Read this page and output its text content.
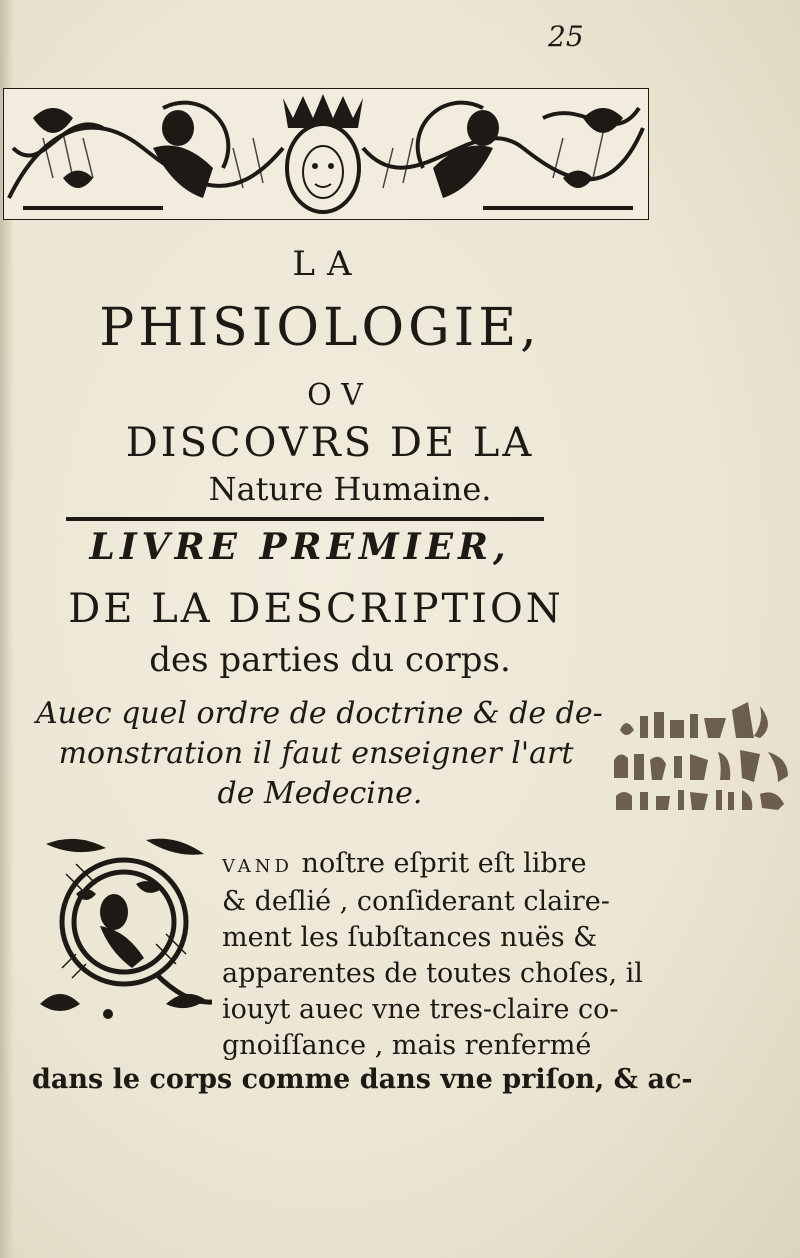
25
LA
PHISIOLOGIE,
OV
DISCOVRS DE LA
Nature Humaine.
LIVRE PREMIER,
DE LA DESCRIPTION
des parties du corps.
Auec quel ordre de doctrine & de de-
monstration il faut enseigner l'art
de Medecine.
VAND noſtre eſprit eſt libre
& deſlié , conſiderant claire-
ment les ſubſtances nuës &
apparentes de toutes choſes, il
iouyt auec vne tres-claire co-
gnoiſſance , mais renfermé
dans le corps comme dans vne priſon, & ac-
